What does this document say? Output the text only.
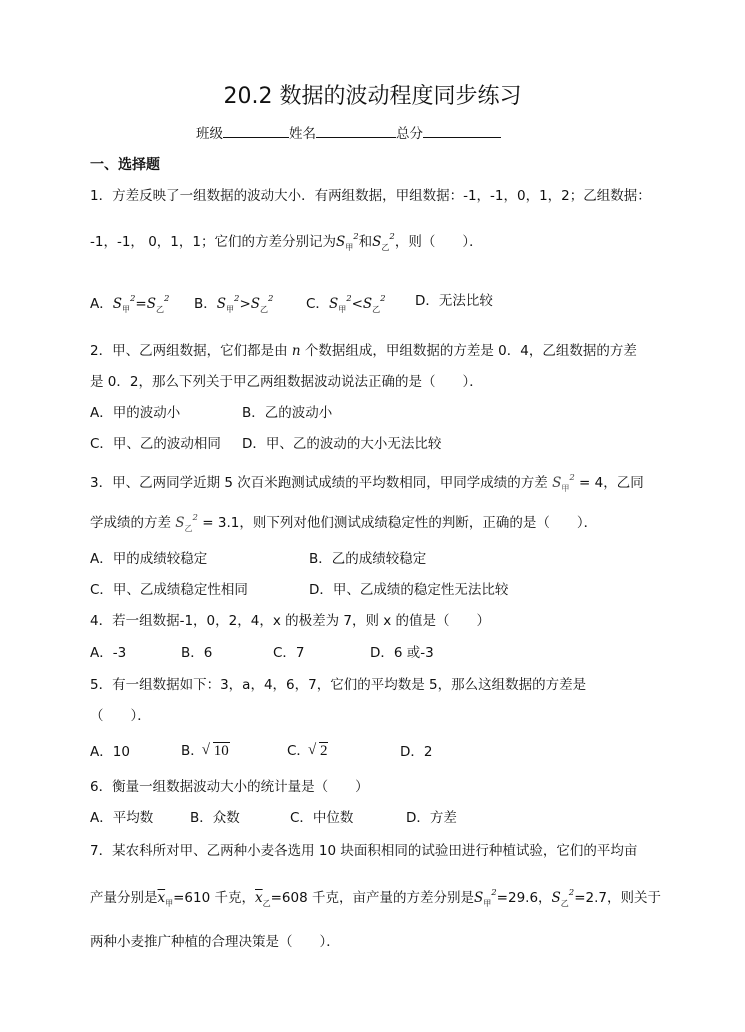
20.2 数据的波动程度同步练习
班级	姓名	总分
一、选择题
1．方差反映了一组数据的波动大小．有两组数据，甲组数据：-1，-1，0，1，2；乙组数据：
-1，-1， 0，1，1；它们的方差分别记为$S_甲^2$和$S_乙^2$，则（　　）．
A．$S_甲^2=S_乙^2$ B．$S_甲^2>S_乙^2$ C．$S_甲^2<S_乙^2$ D．无法比较
2．甲、乙两组数据，它们都是由 n 个数据组成，甲组数据的方差是 0．4，乙组数据的方差
是 0．2，那么下列关于甲乙两组数据波动说法正确的是（　　）．
A．甲的波动小	B．乙的波动小
C．甲、乙的波动相同 D．甲、乙的波动的大小无法比较
3．甲、乙两同学近期 5 次百米跑测试成绩的平均数相同，甲同学成绩的方差 $S_甲^2 = 4$，乙同
学成绩的方差 $S_乙^2 = 3.1$，则下列对他们测试成绩稳定性的判断，正确的是（　　）．
A．甲的成绩较稳定	B．乙的成绩较稳定
C．甲、乙成绩稳定性相同	D．甲、乙成绩的稳定性无法比较
4．若一组数据-1，0，2，4，x 的极差为 7，则 x 的值是（　　）
A．-3	B．6	C．7	D．6 或-3
5．有一组数据如下：3，a，4，6，7，它们的平均数是 5，那么这组数据的方差是
（　　）．
A．10	B． √ 10	C． √ 2	D．2
6．衡量一组数据波动大小的统计量是（　　）
A．平均数	B．众数	C．中位数	D．方差
7．某农科所对甲、乙两种小麦各选用 10 块面积相同的试验田进行种植试验，它们的平均亩
产量分别是$\overline{x}_甲=610$ 千克，$\overline{x}_乙=608$ 千克，亩产量的方差分别是$S_甲^2=29.6$，$S_乙^2=2.7$，则关于
两种小麦推广种植的合理决策是（　　）．
